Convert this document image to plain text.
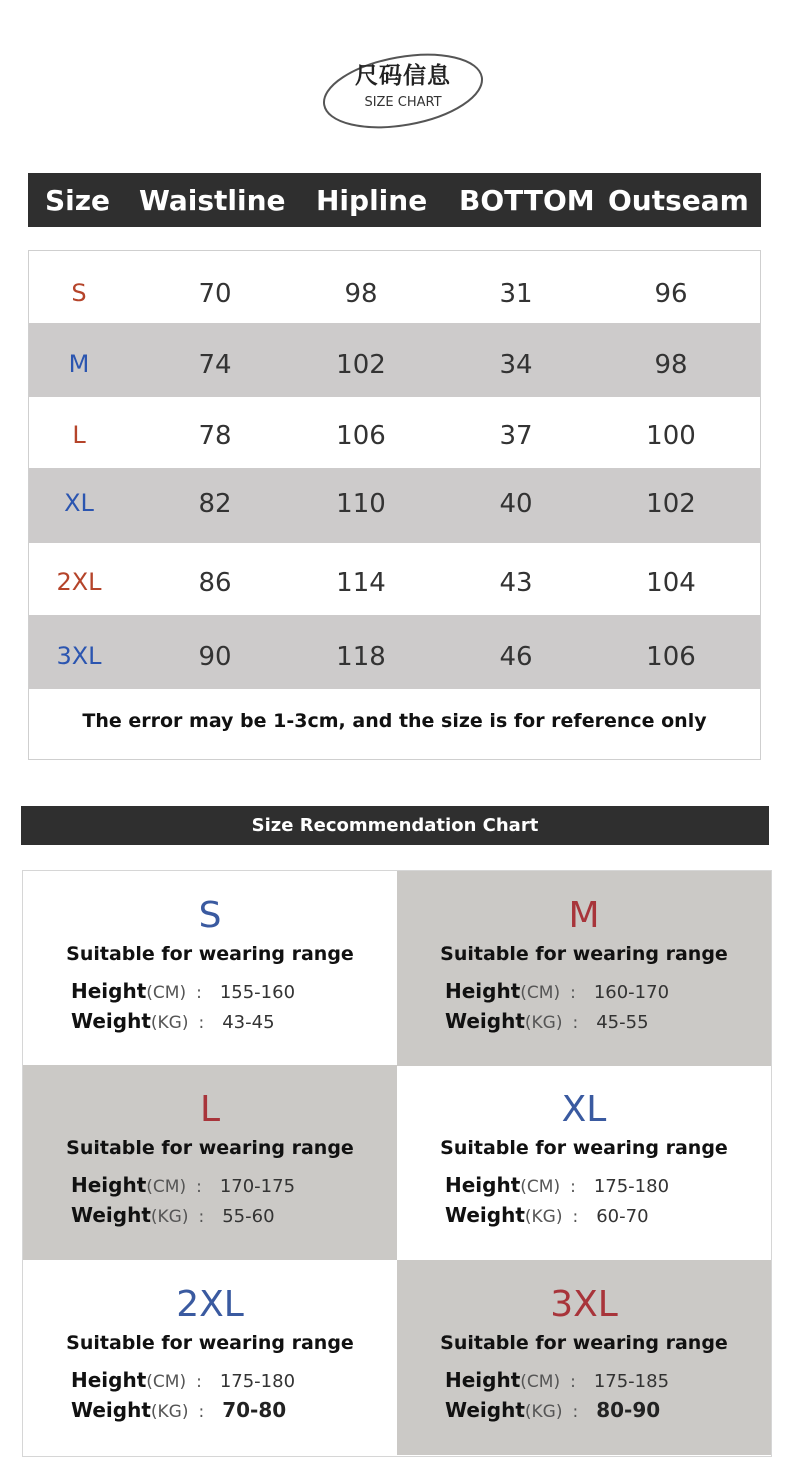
尺码信息
SIZE CHART
Size Waistline Hipline BOTTOM Outseam
3XL	90	118	46	106
2XL	86	114	43	104
XL	82	110	40	102
L	78	106	37	100
M	74	102	34	98
S	70	98	31	96
The error may be 1-3cm, and the size is for reference only
Size Recommendation Chart
S
Suitable for wearing range
Height(CM) : 155-160
Weight(KG) : 43-45
M
Suitable for wearing range
Height(CM) : 160-170
Weight(KG) : 45-55
L
Suitable for wearing range
Height(CM) : 170-175
Weight(KG) : 55-60
XL
Suitable for wearing range
Height(CM) : 175-180
Weight(KG) : 60-70
2XL
Suitable for wearing range
Height(CM) : 175-180
Weight(KG) : 70-80
3XL
Suitable for wearing range
Height(CM) : 175-185
Weight(KG) : 80-90
